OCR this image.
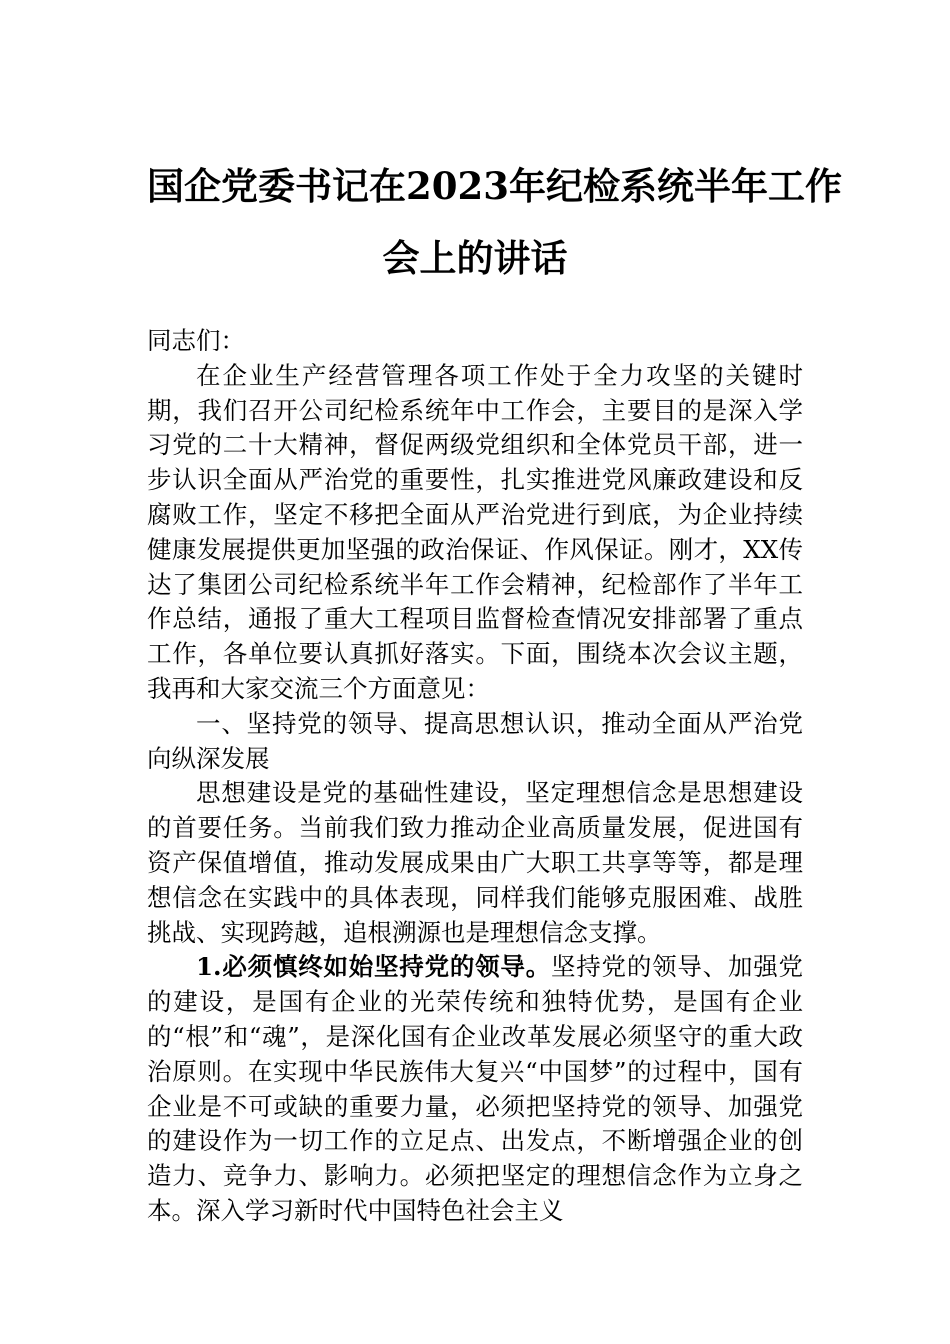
国企党委书记在2023年纪检系统半年工作
会上的讲话

同志们：

在企业生产经营管理各项工作处于全力攻坚的关键时期，我们召开公司纪检系统年中工作会，主要目的是深入学习党的二十大精神，督促两级党组织和全体党员干部，进一步认识全面从严治党的重要性，扎实推进党风廉政建设和反腐败工作，坚定不移把全面从严治党进行到底，为企业持续健康发展提供更加坚强的政治保证、作风保证。刚才，XX传达了集团公司纪检系统半年工作会精神，纪检部作了半年工作总结，通报了重大工程项目监督检查情况安排部署了重点工作，各单位要认真抓好落实。下面，围绕本次会议主题，我再和大家交流三个方面意见：

一、坚持党的领导、提高思想认识，推动全面从严治党向纵深发展

思想建设是党的基础性建设，坚定理想信念是思想建设的首要任务。当前我们致力推动企业高质量发展，促进国有资产保值增值，推动发展成果由广大职工共享等等，都是理想信念在实践中的具体表现，同样我们能够克服困难、战胜挑战、实现跨越，追根溯源也是理想信念支撑。

1.必须慎终如始坚持党的领导。坚持党的领导、加强党的建设，是国有企业的光荣传统和独特优势，是国有企业的“根”和“魂”，是深化国有企业改革发展必须坚守的重大政治原则。在实现中华民族伟大复兴“中国梦”的过程中，国有企业是不可或缺的重要力量，必须把坚持党的领导、加强党的建设作为一切工作的立足点、出发点，不断增强企业的创造力、竞争力、影响力。必须把坚定的理想信念作为立身之本。深入学习新时代中国特色社会主义
